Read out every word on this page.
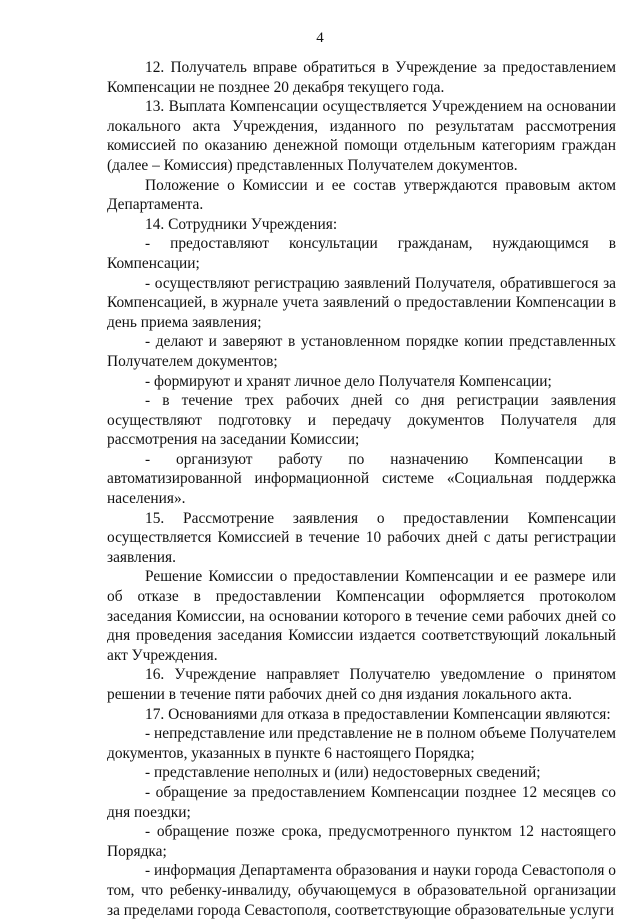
4

12. Получатель вправе обратиться в Учреждение за предоставлением Компенсации не позднее 20 декабря текущего года.

13. Выплата Компенсации осуществляется Учреждением на основании локального акта Учреждения, изданного по результатам рассмотрения комиссией по оказанию денежной помощи отдельным категориям граждан (далее – Комиссия) представленных Получателем документов.

Положение о Комиссии и ее состав утверждаются правовым актом Департамента.

14. Сотрудники Учреждения:

- предоставляют консультации гражданам, нуждающимся в Компенсации;

- осуществляют регистрацию заявлений Получателя, обратившегося за Компенсацией, в журнале учета заявлений о предоставлении Компенсации в день приема заявления;

- делают и заверяют в установленном порядке копии представленных Получателем документов;

- формируют и хранят личное дело Получателя Компенсации;

- в течение трех рабочих дней со дня регистрации заявления осуществляют подготовку и передачу документов Получателя для рассмотрения на заседании Комиссии;

- организуют работу по назначению Компенсации в автоматизированной информационной системе «Социальная поддержка населения».

15. Рассмотрение заявления о предоставлении Компенсации осуществляется Комиссией в течение 10 рабочих дней с даты регистрации заявления.

Решение Комиссии о предоставлении Компенсации и ее размере или об отказе в предоставлении Компенсации оформляется протоколом заседания Комиссии, на основании которого в течение семи рабочих дней со дня проведения заседания Комиссии издается соответствующий локальный акт Учреждения.

16. Учреждение направляет Получателю уведомление о принятом решении в течение пяти рабочих дней со дня издания локального акта.

17. Основаниями для отказа в предоставлении Компенсации являются:

- непредставление или представление не в полном объеме Получателем документов, указанных в пункте 6 настоящего Порядка;

- представление неполных и (или) недостоверных сведений;

- обращение за предоставлением Компенсации позднее 12 месяцев со дня поездки;

- обращение позже срока, предусмотренного пунктом 12 настоящего Порядка;

- информация Департамента образования и науки города Севастополя о том, что ребенку-инвалиду, обучающемуся в образовательной организации за пределами города Севастополя, соответствующие образовательные услуги
